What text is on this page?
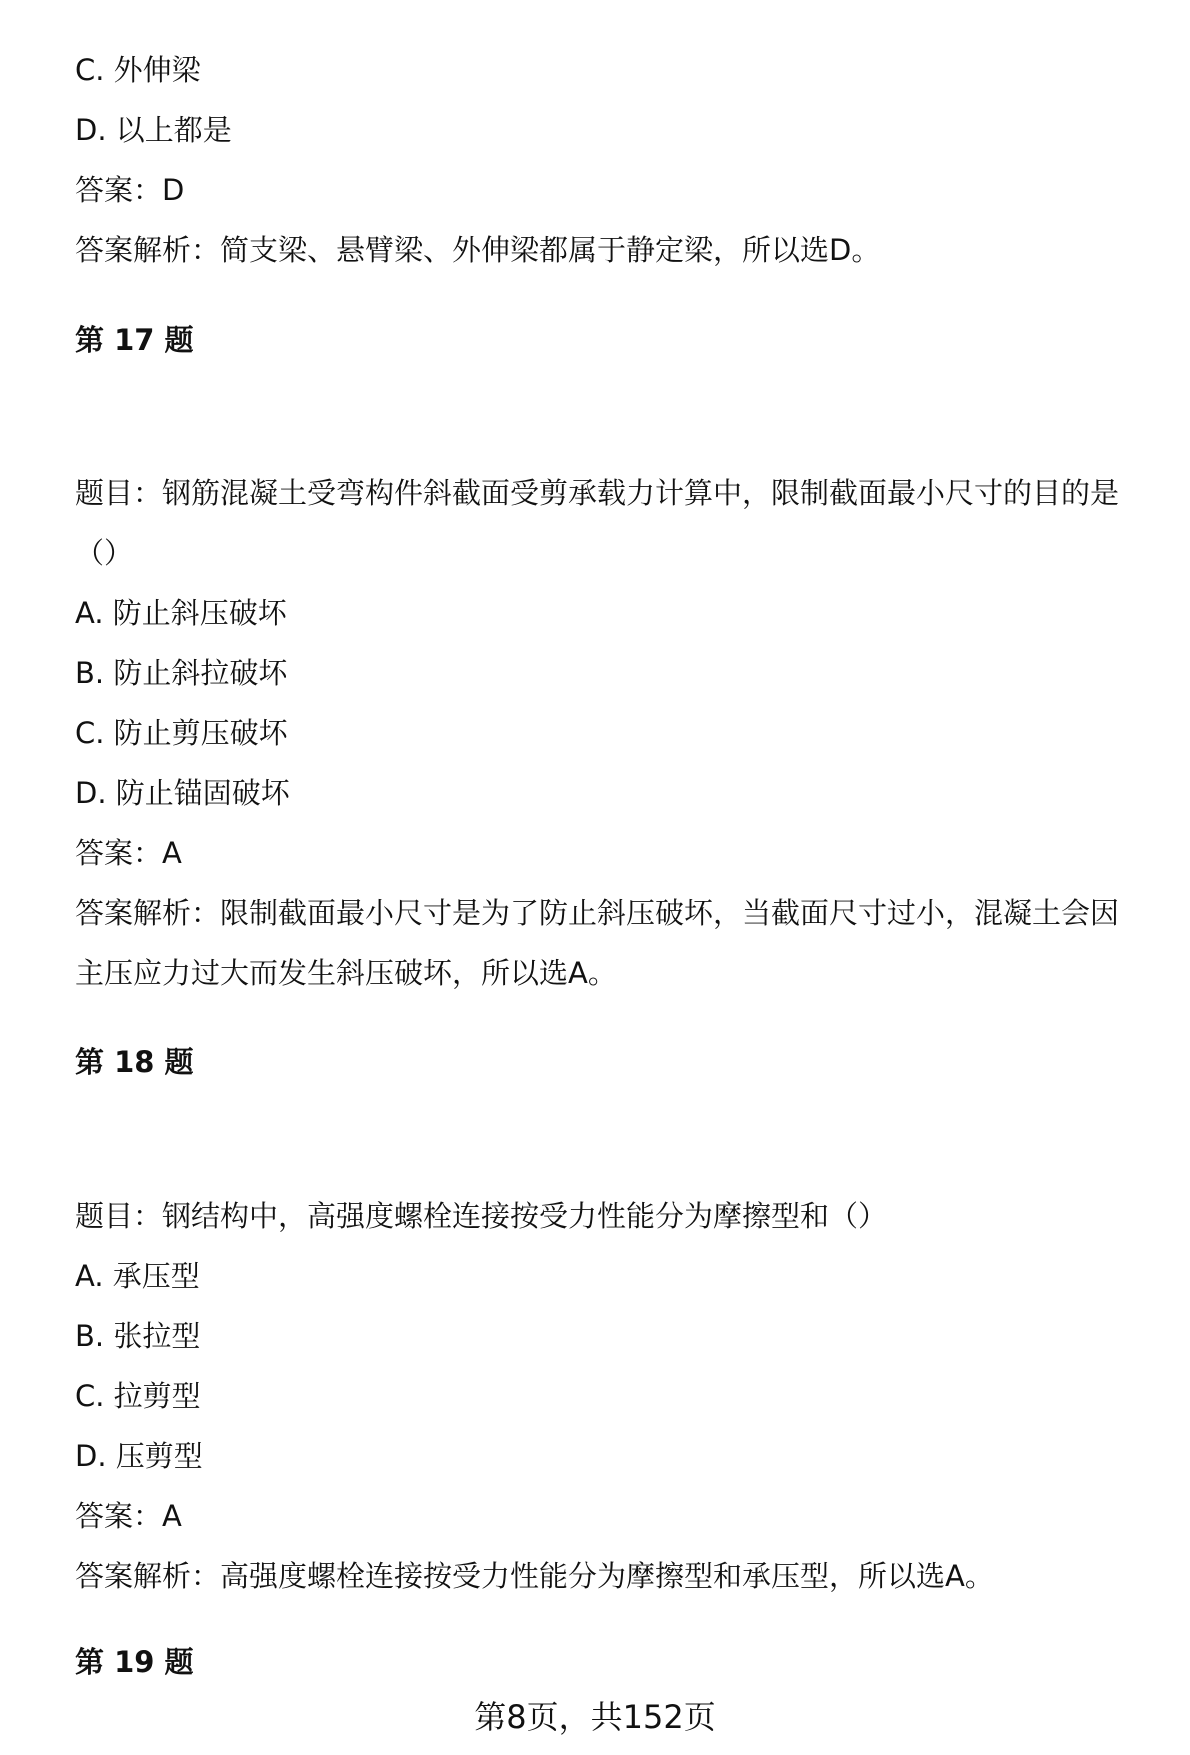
C. 外伸梁
D. 以上都是
答案：D
答案解析：简支梁、悬臂梁、外伸梁都属于静定梁，所以选D。
第 17 题
题目：钢筋混凝土受弯构件斜截面受剪承载力计算中，限制截面最小尺寸的目的是
（）
A. 防止斜压破坏
B. 防止斜拉破坏
C. 防止剪压破坏
D. 防止锚固破坏
答案：A
答案解析：限制截面最小尺寸是为了防止斜压破坏，当截面尺寸过小，混凝土会因
主压应力过大而发生斜压破坏，所以选A。
第 18 题
题目：钢结构中，高强度螺栓连接按受力性能分为摩擦型和（）
A. 承压型
B. 张拉型
C. 拉剪型
D. 压剪型
答案：A
答案解析：高强度螺栓连接按受力性能分为摩擦型和承压型，所以选A。
第 19 题
第8页，共152页
